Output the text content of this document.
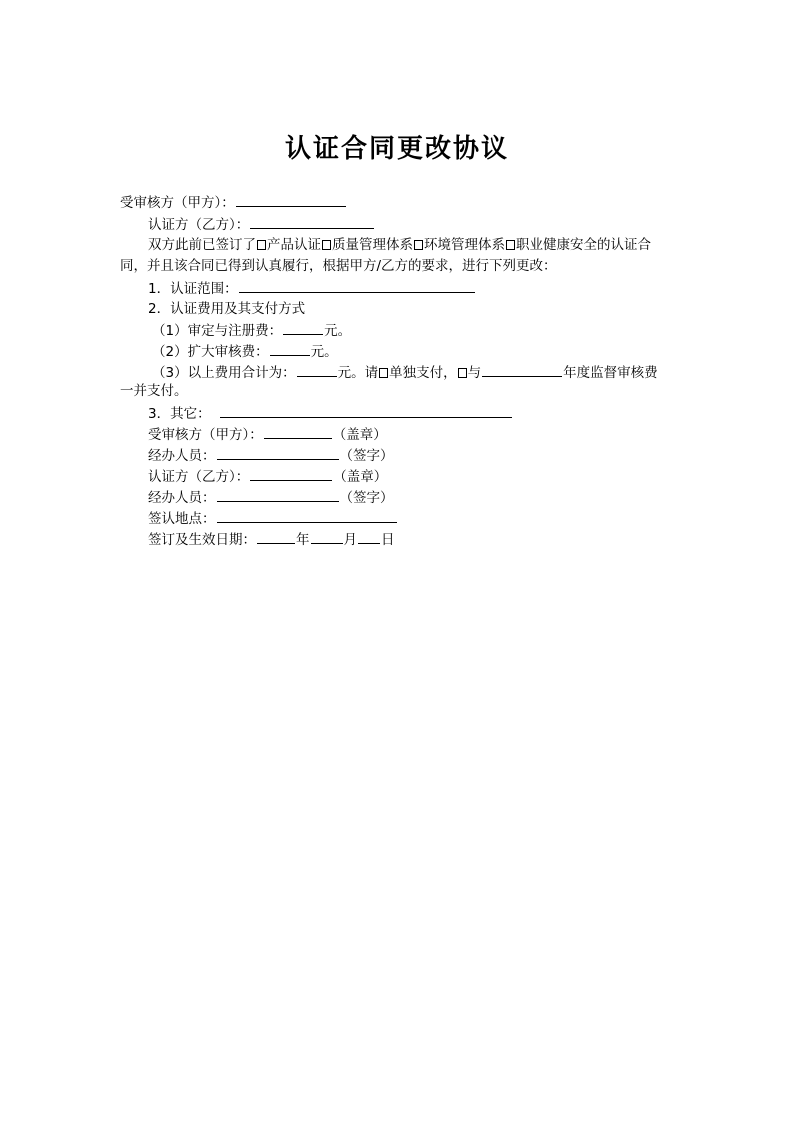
认证合同更改协议
受审核方（甲方）：
认证方（乙方）：
双方此前已签订了 产品认证 质量管理体系 环境管理体系 职业健康安全的认证合
同，并且该合同已得到认真履行，根据甲方/乙方的要求，进行下列更改：
1．认证范围：
2．认证费用及其支付方式
（1）审定与注册费：	元。
（2）扩大审核费：	元。
（3）以上费用合计为：	元。请 单独支付， 与	年度监督审核费
一并支付。
3．其它：
受审核方（甲方）：	（盖章）
经办人员：	（签字）
认证方（乙方）：	（盖章）
经办人员：	（签字）
签认地点：
签订及生效日期：	年	月 日
